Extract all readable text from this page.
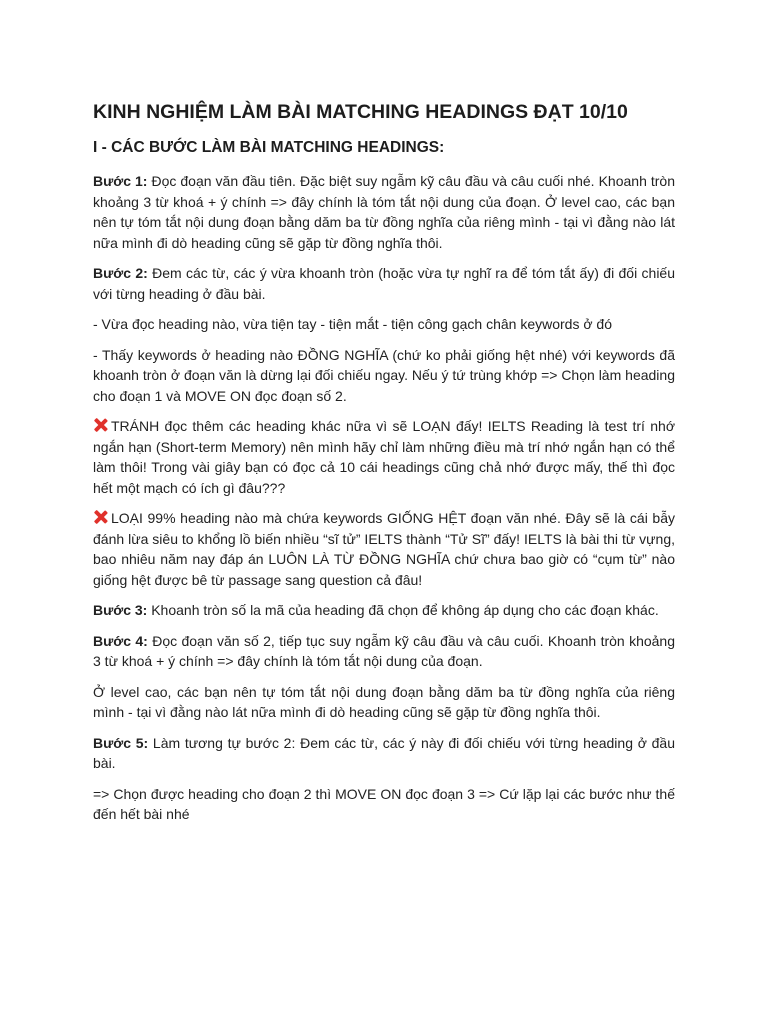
KINH NGHIỆM LÀM BÀI MATCHING HEADINGS ĐẠT 10/10
I - CÁC BƯỚC LÀM BÀI MATCHING HEADINGS:

Bước 1: Đọc đoạn văn đầu tiên. Đặc biệt suy ngẫm kỹ câu đầu và câu cuối nhé. Khoanh tròn khoảng 3 từ khoá + ý chính => đây chính là tóm tắt nội dung của đoạn. Ở level cao, các bạn nên tự tóm tắt nội dung đoạn bằng dăm ba từ đồng nghĩa của riêng mình - tại vì đằng nào lát nữa mình đi dò heading cũng sẽ gặp từ đồng nghĩa thôi.

Bước 2: Đem các từ, các ý vừa khoanh tròn (hoặc vừa tự nghĩ ra để tóm tắt ấy) đi đối chiếu với từng heading ở đầu bài.

- Vừa đọc heading nào, vừa tiện tay - tiện mắt - tiện công gạch chân keywords ở đó

- Thấy keywords ở heading nào ĐỒNG NGHĨA (chứ ko phải giống hệt nhé) với keywords đã khoanh tròn ở đoạn văn là dừng lại đối chiếu ngay. Nếu ý tứ trùng khớp => Chọn làm heading cho đoạn 1 và MOVE ON đọc đoạn số 2.

TRÁNH đọc thêm các heading khác nữa vì sẽ LOẠN đấy! IELTS Reading là test trí nhớ ngắn hạn (Short-term Memory) nên mình hãy chỉ làm những điều mà trí nhớ ngắn hạn có thể làm thôi! Trong vài giây bạn có đọc cả 10 cái headings cũng chả nhớ được mấy, thế thì đọc hết một mạch có ích gì đâu???

LOẠI 99% heading nào mà chứa keywords GIỐNG HỆT đoạn văn nhé. Đây sẽ là cái bẫy đánh lừa siêu to khổng lồ biến nhiều “sĩ tử” IELTS thành “Tử Sĩ” đấy! IELTS là bài thi từ vựng, bao nhiêu năm nay đáp án LUÔN LÀ TỪ ĐỒNG NGHĨA chứ chưa bao giờ có “cụm từ” nào giống hệt được bê từ passage sang question cả đâu!

Bước 3: Khoanh tròn số la mã của heading đã chọn để không áp dụng cho các đoạn khác.

Bước 4: Đọc đoạn văn số 2, tiếp tục suy ngẫm kỹ câu đầu và câu cuối. Khoanh tròn khoảng 3 từ khoá + ý chính => đây chính là tóm tắt nội dung của đoạn.

Ở level cao, các bạn nên tự tóm tắt nội dung đoạn bằng dăm ba từ đồng nghĩa của riêng mình - tại vì đằng nào lát nữa mình đi dò heading cũng sẽ gặp từ đồng nghĩa thôi.

Bước 5: Làm tương tự bước 2: Đem các từ, các ý này đi đối chiếu với từng heading ở đầu bài.

=> Chọn được heading cho đoạn 2 thì MOVE ON đọc đoạn 3 => Cứ lặp lại các bước như thế đến hết bài nhé
